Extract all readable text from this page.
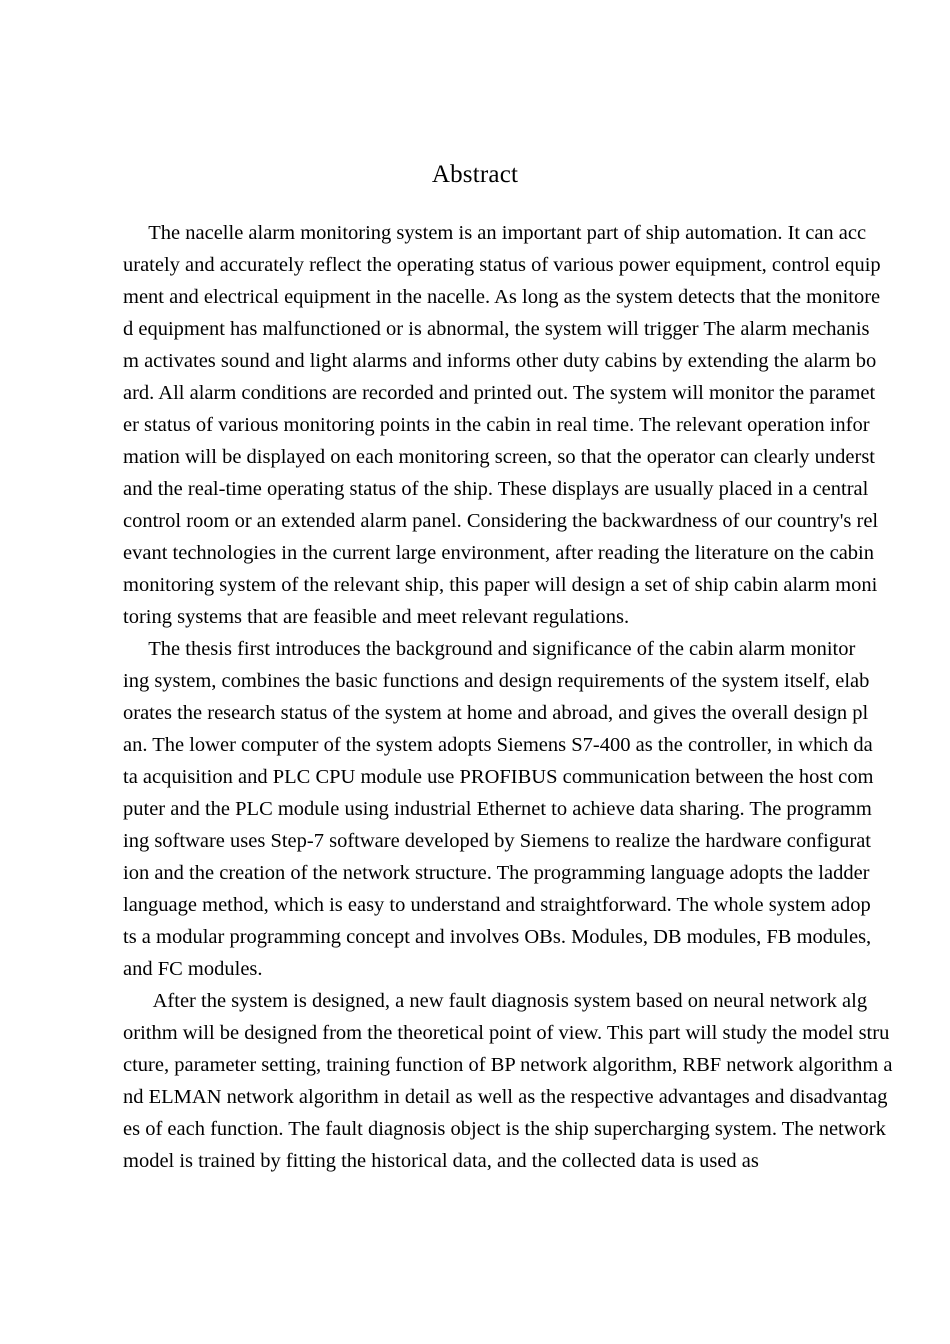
Abstract

The nacelle alarm monitoring system is an important part of ship automation. It can acc
urately and accurately reflect the operating status of various power equipment, control equip
ment and electrical equipment in the nacelle. As long as the system detects that the monitore
d equipment has malfunctioned or is abnormal, the system will trigger The alarm mechanis
m activates sound and light alarms and informs other duty cabins by extending the alarm bo
ard. All alarm conditions are recorded and printed out. The system will monitor the paramet
er status of various monitoring points in the cabin in real time. The relevant operation infor
mation will be displayed on each monitoring screen, so that the operator can clearly underst
and the real-time operating status of the ship. These displays are usually placed in a central
control room or an extended alarm panel. Considering the backwardness of our country's rel
evant technologies in the current large environment, after reading the literature on the cabin
monitoring system of the relevant ship, this paper will design a set of ship cabin alarm moni
toring systems that are feasible and meet relevant regulations.

The thesis first introduces the background and significance of the cabin alarm monitor
ing system, combines the basic functions and design requirements of the system itself, elab
orates the research status of the system at home and abroad, and gives the overall design pl
an. The lower computer of the system adopts Siemens S7-400 as the controller, in which da
ta acquisition and PLC CPU module use PROFIBUS communication between the host com
puter and the PLC module using industrial Ethernet to achieve data sharing. The programm
ing software uses Step-7 software developed by Siemens to realize the hardware configurat
ion and the creation of the network structure. The programming language adopts the ladder
language method, which is easy to understand and straightforward. The whole system adop
ts a modular programming concept and involves OBs. Modules, DB modules, FB modules,
and FC modules.

After the system is designed, a new fault diagnosis system based on neural network alg
orithm will be designed from the theoretical point of view. This part will study the model stru
cture, parameter setting, training function of BP network algorithm, RBF network algorithm a
nd ELMAN network algorithm in detail as well as the respective advantages and disadvantag
es of each function. The fault diagnosis object is the ship supercharging system. The network
model is trained by fitting the historical data, and the collected data is used as
